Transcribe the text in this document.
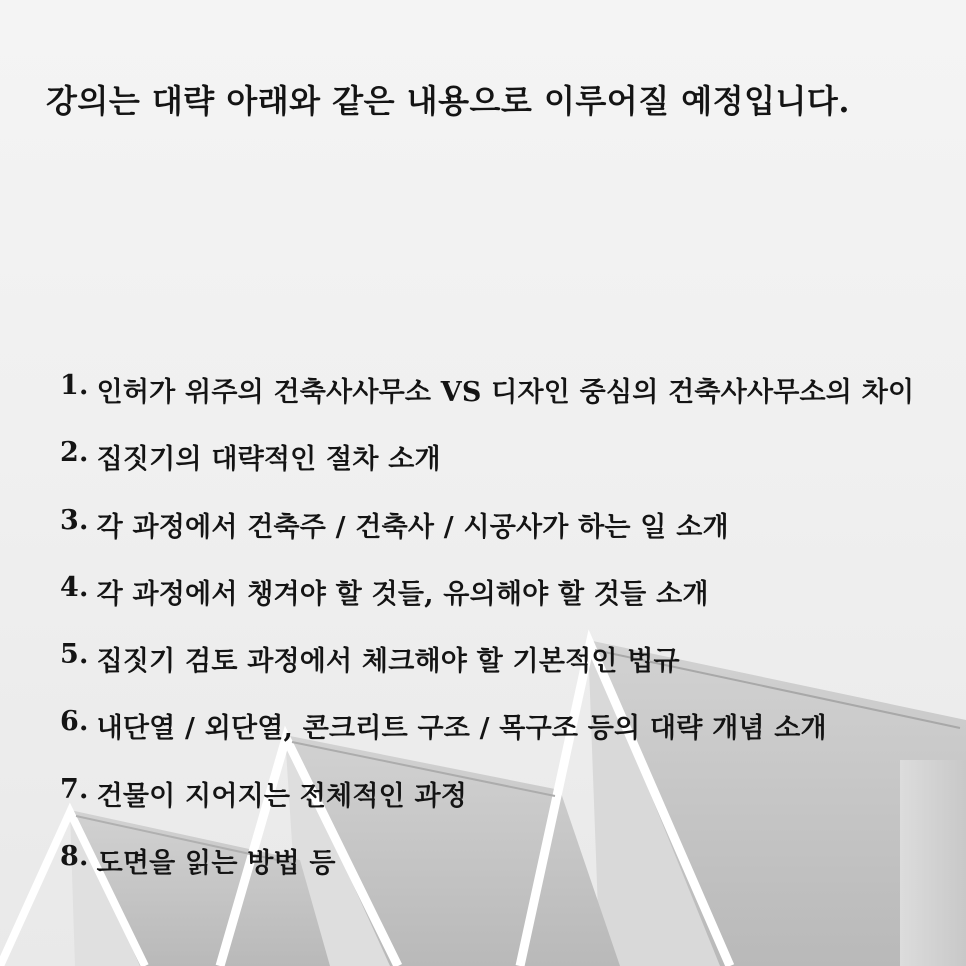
강의는 대략 아래와 같은 내용으로 이루어질 예정입니다.
1. 인허가 위주의 건축사사무소 VS 디자인 중심의 건축사사무소의 차이
2. 집짓기의 대략적인 절차 소개
3. 각 과정에서 건축주 / 건축사 / 시공사가 하는 일 소개
4. 각 과정에서 챙겨야 할 것들, 유의해야 할 것들 소개
5. 집짓기 검토 과정에서 체크해야 할 기본적인 법규
6. 내단열 / 외단열, 콘크리트 구조 / 목구조 등의 대략 개념 소개
7. 건물이 지어지는 전체적인 과정
8. 도면을 읽는 방법 등
